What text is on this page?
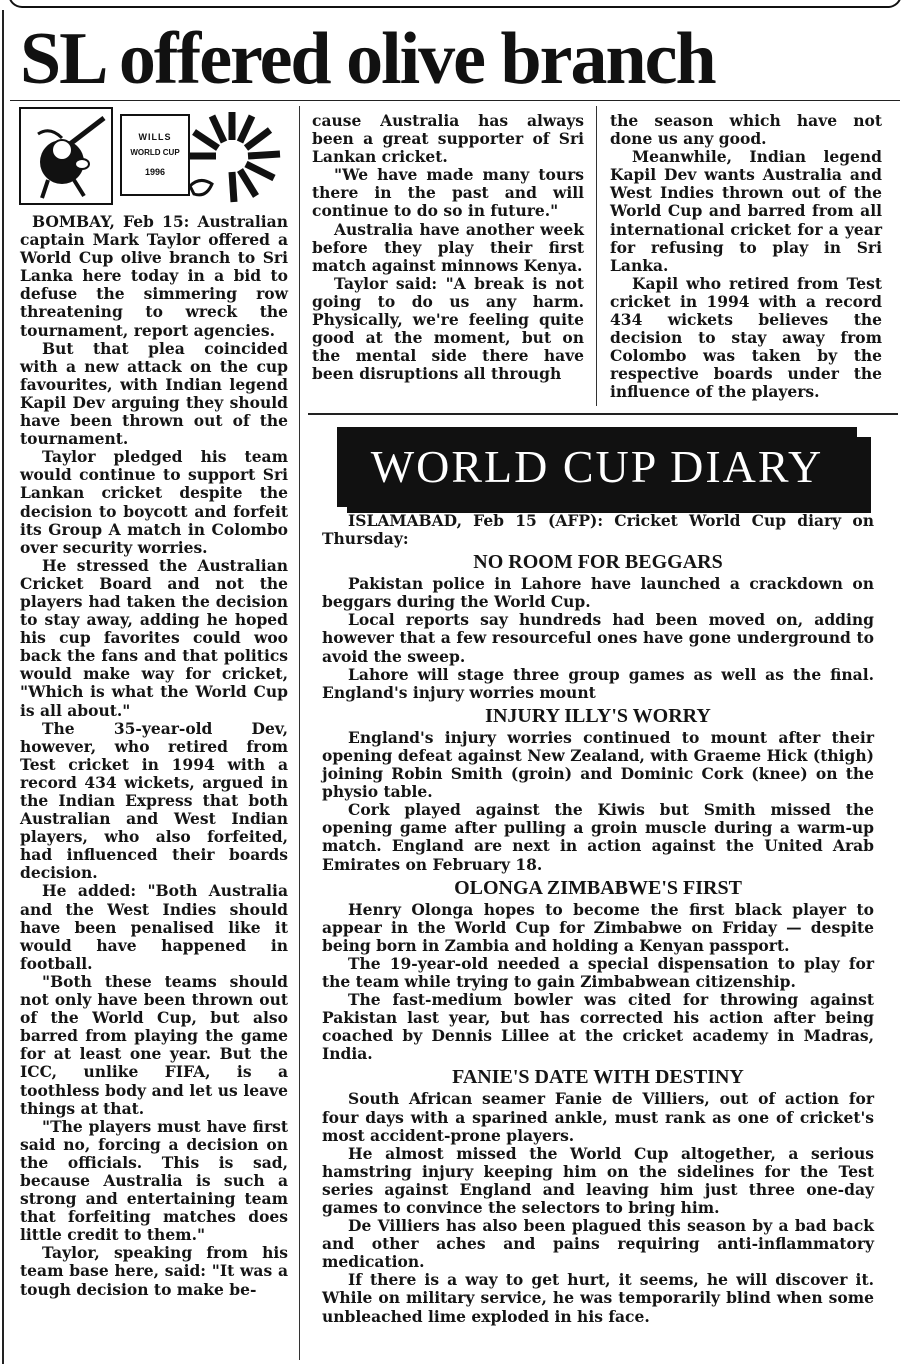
SL offered olive branch
WILLS
WORLD CUP
1996

BOMBAY, Feb 15: Australian captain Mark Taylor offered a World Cup olive branch to Sri Lanka here today in a bid to defuse the simmering row threatening to wreck the tournament, report agencies.

But that plea coincided with a new attack on the cup favourites, with Indian legend Kapil Dev arguing they should have been thrown out of the tournament.

Taylor pledged his team would continue to support Sri Lankan cricket despite the decision to boycott and forfeit its Group A match in Colombo over security worries.

He stressed the Australian Cricket Board and not the players had taken the decision to stay away, adding he hoped his cup favorites could woo back the fans and that politics would make way for cricket, "Which is what the World Cup is all about."

The 35-year-old Dev, however, who retired from Test cricket in 1994 with a record 434 wickets, argued in the Indian Express that both Australian and West Indian players, who also forfeited, had influenced their boards decision.

He added: "Both Australia and the West Indies should have been penalised like it would have happened in football.

"Both these teams should not only have been thrown out of the World Cup, but also barred from playing the game for at least one year. But the ICC, unlike FIFA, is a toothless body and let us leave things at that.

"The players must have first said no, forcing a decision on the officials. This is sad, because Australia is such a strong and entertaining team that forfeiting matches does little credit to them."

Taylor, speaking from his team base here, said: "It was a tough decision to make be-

cause Australia has always been a great supporter of Sri Lankan cricket.

"We have made many tours there in the past and will continue to do so in future."

Australia have another week before they play their first match against minnows Kenya.

Taylor said: "A break is not going to do us any harm. Physically, we're feeling quite good at the moment, but on the mental side there have been disruptions all through

the season which have not done us any good.

Meanwhile, Indian legend Kapil Dev wants Australia and West Indies thrown out of the World Cup and barred from all international cricket for a year for refusing to play in Sri Lanka.

Kapil who retired from Test cricket in 1994 with a record 434 wickets believes the decision to stay away from Colombo was taken by the respective boards under the influence of the players.

WORLD CUP DIARY

ISLAMABAD, Feb 15 (AFP): Cricket World Cup diary on Thursday:

NO ROOM FOR BEGGARS

Pakistan police in Lahore have launched a crackdown on beggars during the World Cup.

Local reports say hundreds had been moved on, adding however that a few resourceful ones have gone underground to avoid the sweep.

Lahore will stage three group games as well as the final. England's injury worries mount

INJURY ILLY'S WORRY

England's injury worries continued to mount after their opening defeat against New Zealand, with Graeme Hick (thigh) joining Robin Smith (groin) and Dominic Cork (knee) on the physio table.

Cork played against the Kiwis but Smith missed the opening game after pulling a groin muscle during a warm-up match. England are next in action against the United Arab Emirates on February 18.

OLONGA ZIMBABWE'S FIRST

Henry Olonga hopes to become the first black player to appear in the World Cup for Zimbabwe on Friday — despite being born in Zambia and holding a Kenyan passport.

The 19-year-old needed a special dispensation to play for the team while trying to gain Zimbabwean citizenship.

The fast-medium bowler was cited for throwing against Pakistan last year, but has corrected his action after being coached by Dennis Lillee at the cricket academy in Madras, India.

FANIE'S DATE WITH DESTINY

South African seamer Fanie de Villiers, out of action for four days with a sparined ankle, must rank as one of cricket's most accident-prone players.

He almost missed the World Cup altogether, a serious hamstring injury keeping him on the sidelines for the Test series against England and leaving him just three one-day games to convince the selectors to bring him.

De Villiers has also been plagued this season by a bad back and other aches and pains requiring anti-inflammatory medication.

If there is a way to get hurt, it seems, he will discover it. While on military service, he was temporarily blind when some unbleached lime exploded in his face.
